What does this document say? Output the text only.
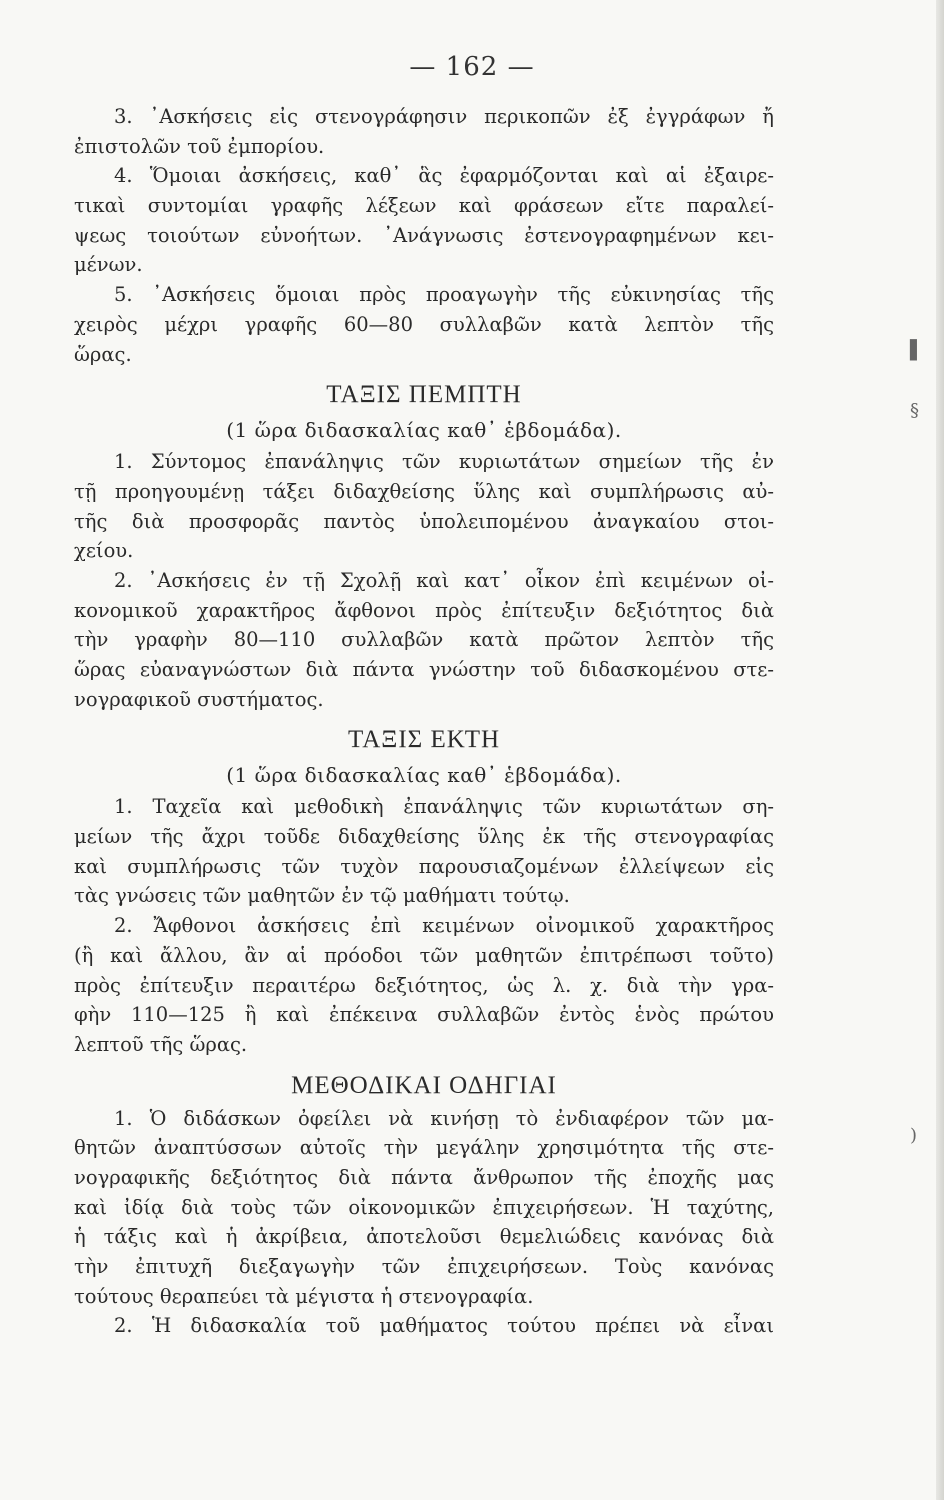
— 162 —
3. ᾿Ασκήσεις εἰς στενογράφησιν περικοπῶν ἐξ ἐγγράφων ἤ
ἐπιστολῶν τοῦ ἐμπορίου.
4. Ὅμοιαι ἀσκήσεις, καθ᾿ ἃς ἐφαρμόζονται καὶ αἱ ἐξαιρε-
τικαὶ συντομίαι γραφῆς λέξεων καὶ φράσεων εἴτε παραλεί-
ψεως τοιούτων εὐνοήτων. ᾿Ανάγνωσις ἐστενογραφημένων κει-
μένων.
5. ᾿Ασκήσεις ὅμοιαι πρὸς προαγωγὴν τῆς εὐκινησίας τῆς
χειρὸς μέχρι γραφῆς 60—80 συλλαβῶν κατὰ λεπτὸν τῆς
ὥρας.
ΤΑΞΙΣ ΠΕΜΠΤΗ
(1 ὥρα διδασκαλίας καθ᾿ ἑβδομάδα).
1. Σύντομος ἐπανάληψις τῶν κυριωτάτων σημείων τῆς ἐν
τῇ προηγουμένῃ τάξει διδαχθείσης ὕλης καὶ συμπλήρωσις αὐ-
τῆς διὰ προσφορᾶς παντὸς ὑπολειπομένου ἀναγκαίου στοι-
χείου.
2. ᾿Ασκήσεις ἐν τῇ Σχολῇ καὶ κατ᾿ οἶκον ἐπὶ κειμένων οἰ-
κονομικοῦ χαρακτῆρος ἄφθονοι πρὸς ἐπίτευξιν δεξιότητος διὰ
τὴν γραφὴν 80—110 συλλαβῶν κατὰ πρῶτον λεπτὸν τῆς
ὥρας εὐαναγνώστων διὰ πάντα γνώστην τοῦ διδασκομένου στε-
νογραφικοῦ συστήματος.
ΤΑΞΙΣ ΕΚΤΗ
(1 ὥρα διδασκαλίας καθ᾿ ἑβδομάδα).
1. Ταχεῖα καὶ μεθοδικὴ ἐπανάληψις τῶν κυριωτάτων ση-
μείων τῆς ἄχρι τοῦδε διδαχθείσης ὕλης ἐκ τῆς στενογραφίας
καὶ συμπλήρωσις τῶν τυχὸν παρουσιαζομένων ἐλλείψεων εἰς
τὰς γνώσεις τῶν μαθητῶν ἐν τῷ μαθήματι τούτῳ.
2. Ἄφθονοι ἀσκήσεις ἐπὶ κειμένων οἰνομικοῦ χαρακτῆρος
(ἢ καὶ ἄλλου, ἂν αἱ πρόοδοι τῶν μαθητῶν ἐπιτρέπωσι τοῦτο)
πρὸς ἐπίτευξιν περαιτέρω δεξιότητος, ὡς λ. χ. διὰ τὴν γρα-
φὴν 110—125 ἢ καὶ ἐπέκεινα συλλαβῶν ἐντὸς ἑνὸς πρώτου
λεπτοῦ τῆς ὥρας.
ΜΕΘΟΔΙΚΑΙ ΟΔΗΓΙΑΙ
1. Ὁ διδάσκων ὀφείλει νὰ κινήσῃ τὸ ἐνδιαφέρον τῶν μα-
θητῶν ἀναπτύσσων αὐτοῖς τὴν μεγάλην χρησιμότητα τῆς στε-
νογραφικῆς δεξιότητος διὰ πάντα ἄνθρωπον τῆς ἐποχῆς μας
καὶ ἰδίᾳ διὰ τοὺς τῶν οἰκονομικῶν ἐπιχειρήσεων. Ἡ ταχύτης,
ἡ τάξις καὶ ἡ ἀκρίβεια, ἀποτελοῦσι θεμελιώδεις κανόνας διὰ
τὴν ἐπιτυχῆ διεξαγωγὴν τῶν ἐπιχειρήσεων. Τοὺς κανόνας
τούτους θεραπεύει τὰ μέγιστα ἡ στενογραφία.
2. Ἡ διδασκαλία τοῦ μαθήματος τούτου πρέπει νὰ εἶναι
▌
§
)
